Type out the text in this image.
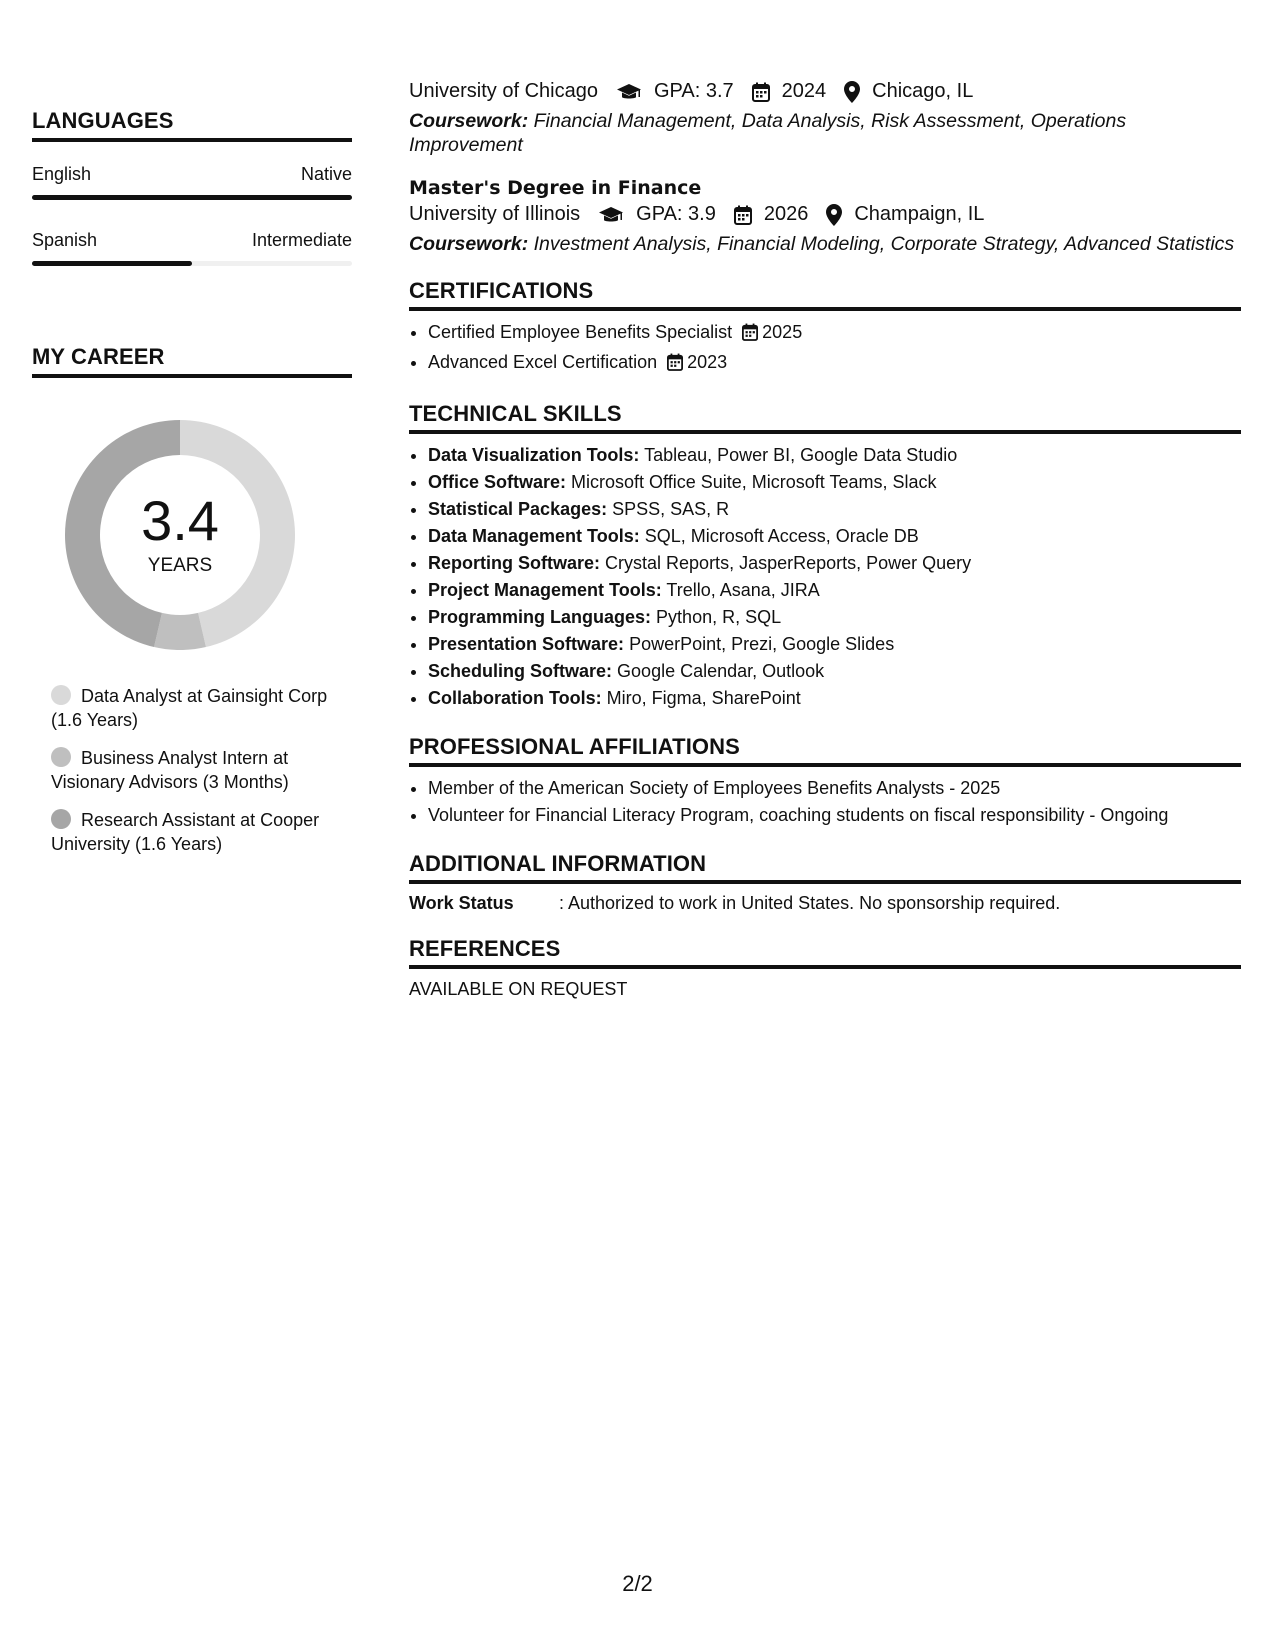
LANGUAGES
English	Native
Spanish	Intermediate
MY CAREER
3.4
YEARS
Data Analyst at Gainsight Corp (1.6 Years)
Business Analyst Intern at Visionary Advisors (3 Months)
Research Assistant at Cooper University (1.6 Years)
University of Chicago	GPA: 3.7 2024 Chicago, IL
Coursework: Financial Management, Data Analysis, Risk Assessment, Operations Improvement
Master's Degree in Finance
University of Illinois	GPA: 3.9 2026 Champaign, IL
Coursework: Investment Analysis, Financial Modeling, Corporate Strategy, Advanced Statistics
CERTIFICATIONS
• Certified Employee Benefits Specialist 2025
• Advanced Excel Certification 2023
TECHNICAL SKILLS
• Data Visualization Tools: Tableau, Power BI, Google Data Studio
• Office Software: Microsoft Office Suite, Microsoft Teams, Slack
• Statistical Packages: SPSS, SAS, R
• Data Management Tools: SQL, Microsoft Access, Oracle DB
• Reporting Software: Crystal Reports, JasperReports, Power Query
• Project Management Tools: Trello, Asana, JIRA
• Programming Languages: Python, R, SQL
• Presentation Software: PowerPoint, Prezi, Google Slides
• Scheduling Software: Google Calendar, Outlook
• Collaboration Tools: Miro, Figma, SharePoint
PROFESSIONAL AFFILIATIONS
• Member of the American Society of Employees Benefits Analysts - 2025
• Volunteer for Financial Literacy Program, coaching students on fiscal responsibility - Ongoing
ADDITIONAL INFORMATION
Work Status	: Authorized to work in United States. No sponsorship required.
REFERENCES
AVAILABLE ON REQUEST
2/2
